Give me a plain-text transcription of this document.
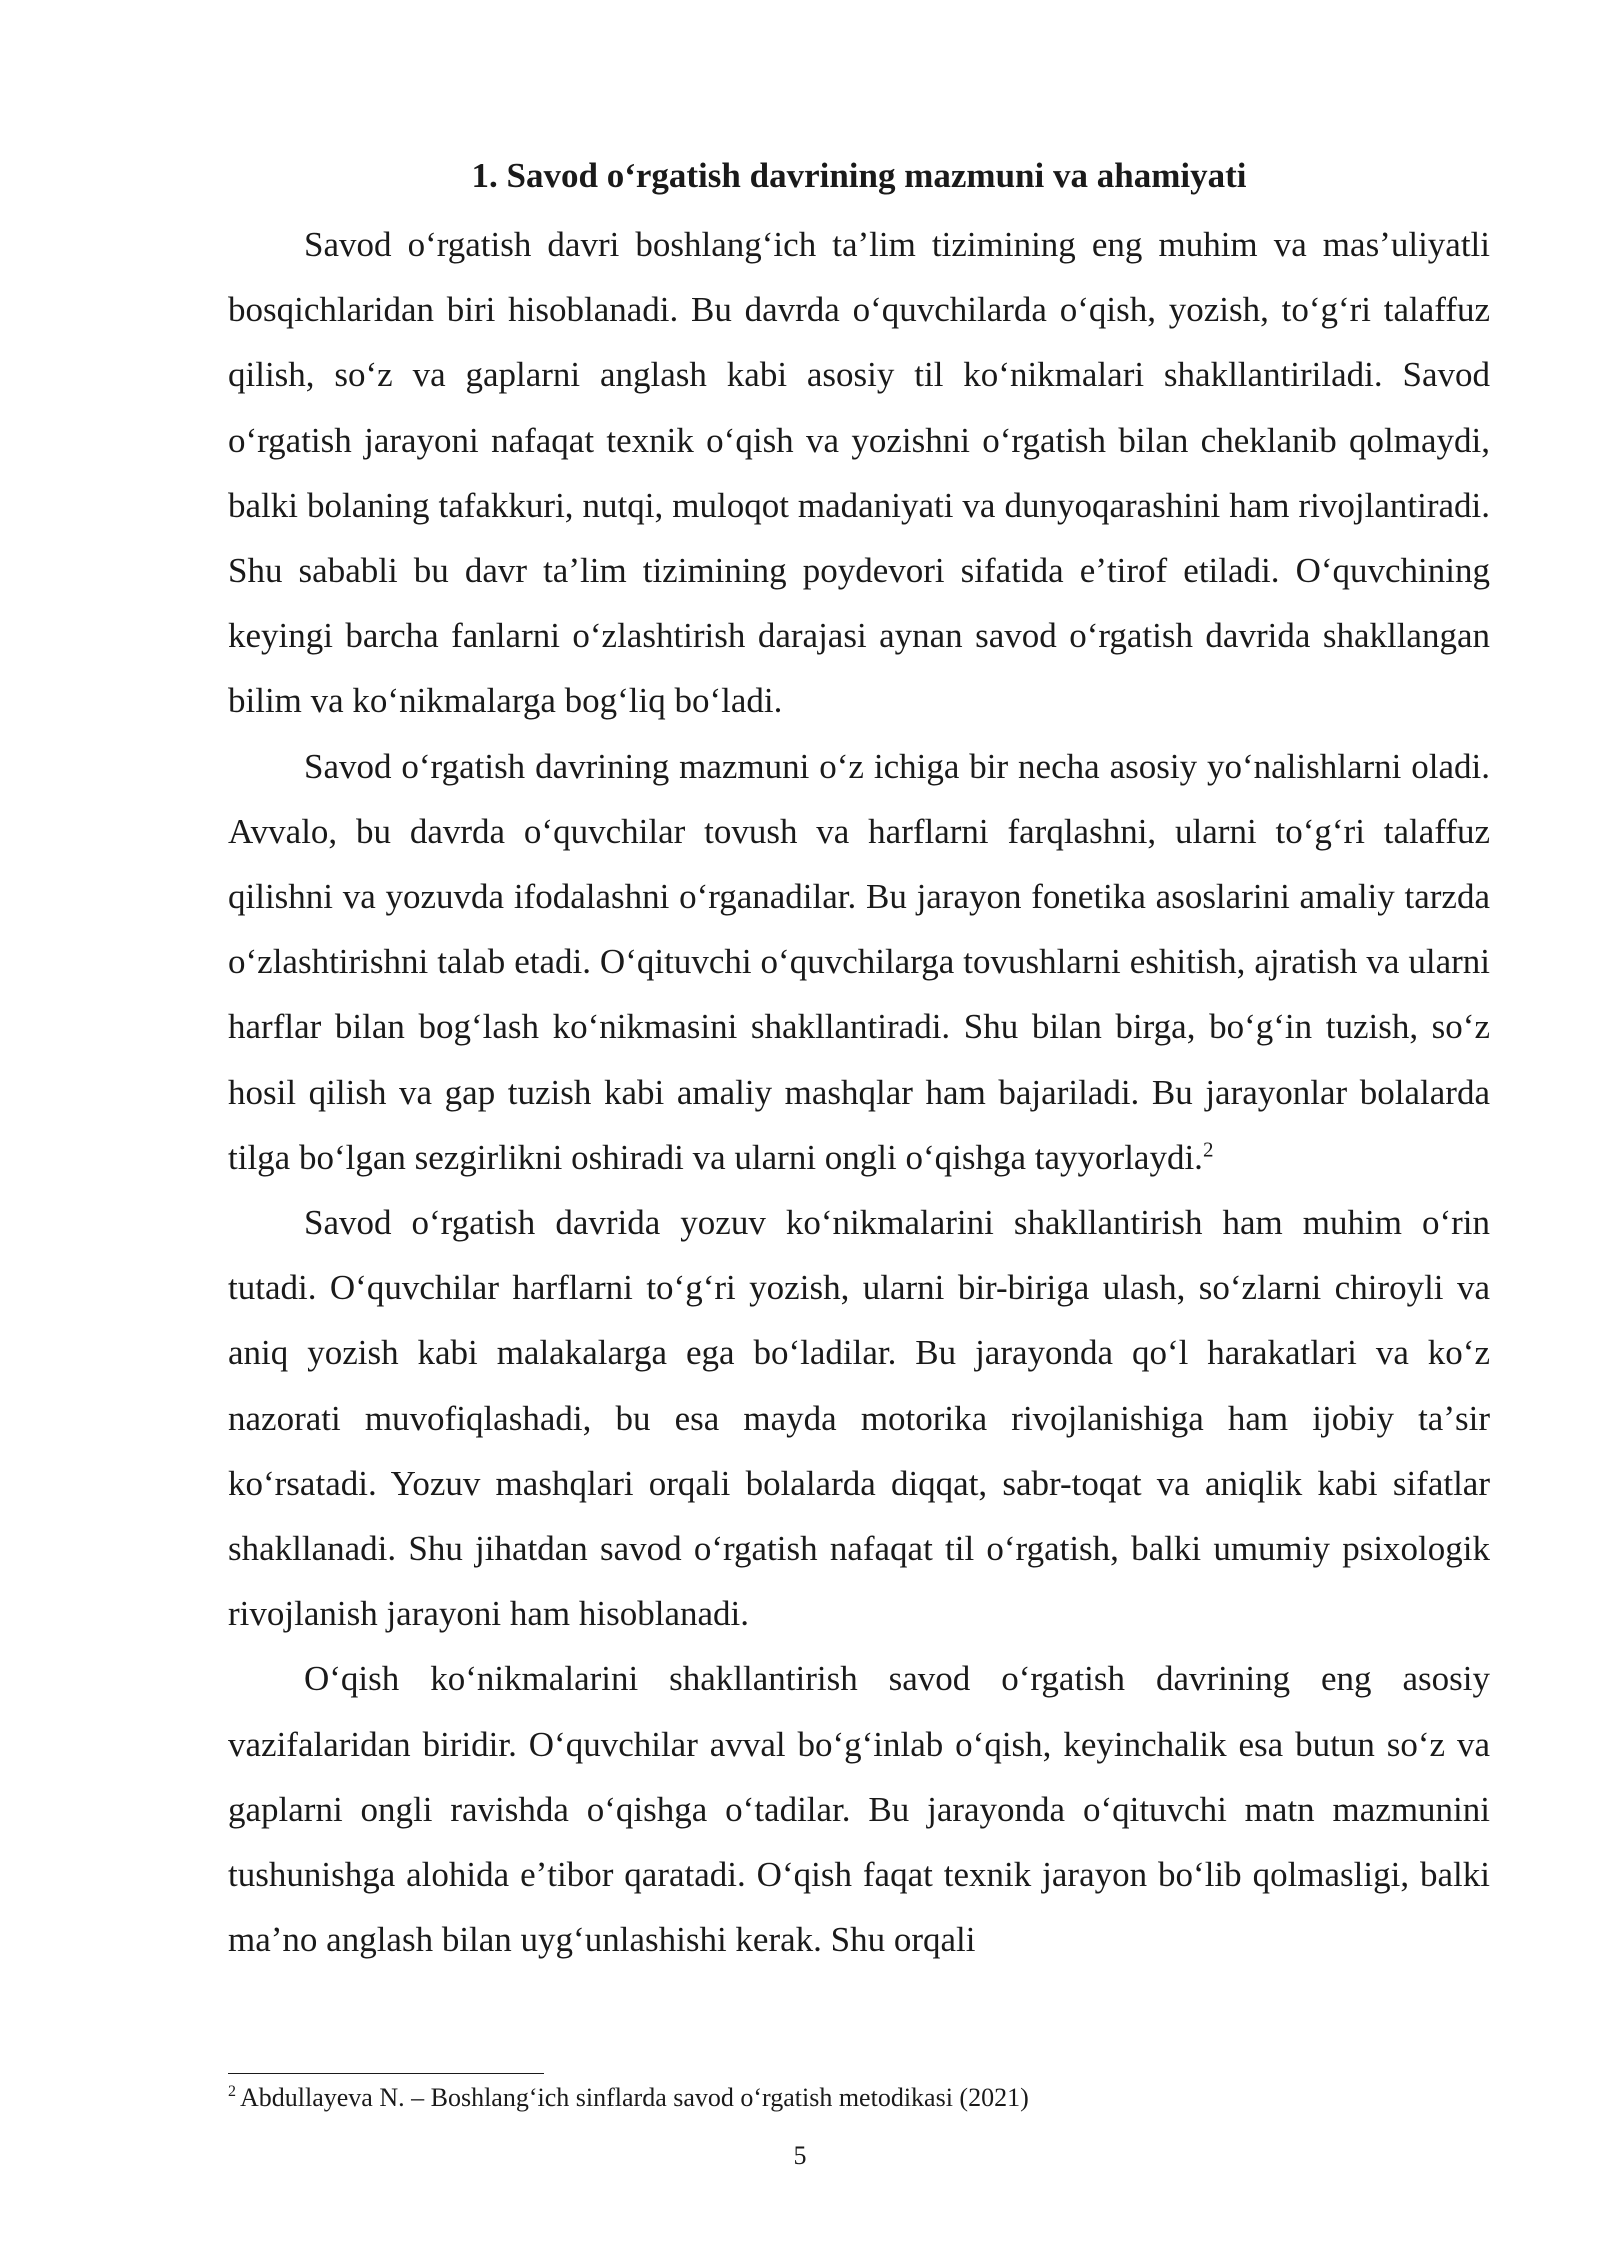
1. Savod oʻrgatish davrining mazmuni va ahamiyati

Savod oʻrgatish davri boshlangʻich taʼlim tizimining eng muhim va masʼuliyatli bosqichlaridan biri hisoblanadi. Bu davrda oʻquvchilarda oʻqish, yozish, toʻgʻri talaffuz qilish, soʻz va gaplarni anglash kabi asosiy til koʻnikmalari shakllantiriladi. Savod oʻrgatish jarayoni nafaqat texnik oʻqish va yozishni oʻrgatish bilan cheklanib qolmaydi, balki bolaning tafakkuri, nutqi, muloqot madaniyati va dunyoqarashini ham rivojlantiradi. Shu sababli bu davr taʼlim tizimining poydevori sifatida eʼtirof etiladi. Oʻquvchining keyingi barcha fanlarni oʻzlashtirish darajasi aynan savod oʻrgatish davrida shakllangan bilim va koʻnikmalarga bogʻliq boʻladi.

Savod oʻrgatish davrining mazmuni oʻz ichiga bir necha asosiy yoʻnalishlarni oladi. Avvalo, bu davrda oʻquvchilar tovush va harflarni farqlashni, ularni toʻgʻri talaffuz qilishni va yozuvda ifodalashni oʻrganadilar. Bu jarayon fonetika asoslarini amaliy tarzda oʻzlashtirishni talab etadi. Oʻqituvchi oʻquvchilarga tovushlarni eshitish, ajratish va ularni harflar bilan bogʻlash koʻnikmasini shakllantiradi. Shu bilan birga, boʻgʻin tuzish, soʻz hosil qilish va gap tuzish kabi amaliy mashqlar ham bajariladi. Bu jarayonlar bolalarda tilga boʻlgan sezgirlikni oshiradi va ularni ongli oʻqishga tayyorlaydi.$^2$

Savod oʻrgatish davrida yozuv koʻnikmalarini shakllantirish ham muhim oʻrin tutadi. Oʻquvchilar harflarni toʻgʻri yozish, ularni bir-biriga ulash, soʻzlarni chiroyli va aniq yozish kabi malakalarga ega boʻladilar. Bu jarayonda qoʻl harakatlari va koʻz nazorati muvofiqlashadi, bu esa mayda motorika rivojlanishiga ham ijobiy taʼsir koʻrsatadi. Yozuv mashqlari orqali bolalarda diqqat, sabr-toqat va aniqlik kabi sifatlar shakllanadi. Shu jihatdan savod oʻrgatish nafaqat til oʻrgatish, balki umumiy psixologik rivojlanish jarayoni ham hisoblanadi.

Oʻqish koʻnikmalarini shakllantirish savod oʻrgatish davrining eng asosiy vazifalaridan biridir. Oʻquvchilar avval boʻgʻinlab oʻqish, keyinchalik esa butun soʻz va gaplarni ongli ravishda oʻqishga oʻtadilar. Bu jarayonda oʻqituvchi matn mazmunini tushunishga alohida eʼtibor qaratadi. Oʻqish faqat texnik jarayon boʻlib qolmasligi, balki maʼno anglash bilan uygʻunlashishi kerak. Shu orqali

$^2$ Abdullayeva N. – Boshlangʻich sinflarda savod oʻrgatish metodikasi (2021)
5
